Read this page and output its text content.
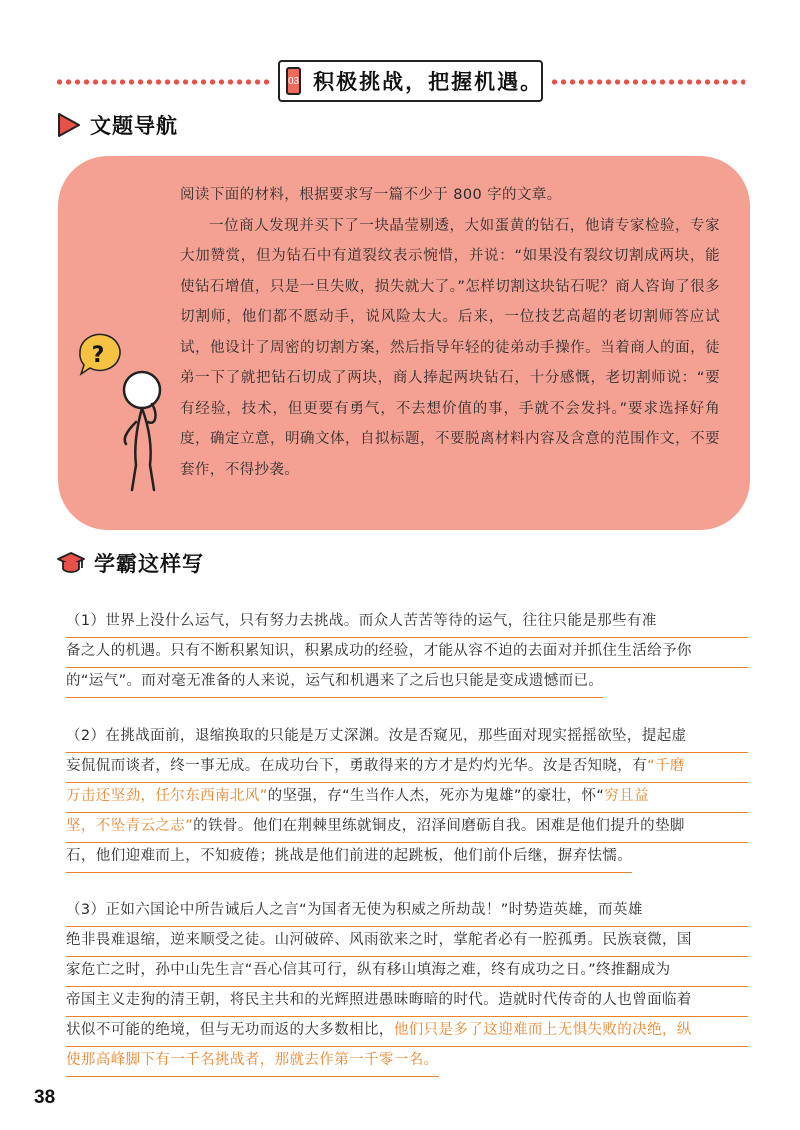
03 积极挑战，把握机遇。
文题导航
?

阅读下面的材料，根据要求写一篇不少于 800 字的文章。

一位商人发现并买下了一块晶莹剔透，大如蛋黄的钻石，他请专家检验，专家大加赞赏，但为钻石中有道裂纹表示惋惜，并说：“如果没有裂纹切割成两块，能使钻石增值，只是一旦失败，损失就大了。”怎样切割这块钻石呢？商人咨询了很多切割师，他们都不愿动手，说风险太大。后来，一位技艺高超的老切割师答应试试，他设计了周密的切割方案，然后指导年轻的徒弟动手操作。当着商人的面，徒弟一下了就把钻石切成了两块，商人捧起两块钻石，十分感慨，老切割师说：“要有经验，技术，但更要有勇气，不去想价值的事，手就不会发抖。”要求选择好角度，确定立意，明确文体，自拟标题，不要脱离材料内容及含意的范围作文，不要套作，不得抄袭。

学霸这样写
（1）世界上没什么运气，只有努力去挑战。而众人苦苦等待的运气，往往只能是那些有准
备之人的机遇。只有不断积累知识，积累成功的经验，才能从容不迫的去面对并抓住生活给予你
的“运气”。而对毫无准备的人来说，运气和机遇来了之后也只能是变成遗憾而已。
（2）在挑战面前，退缩换取的只能是万丈深渊。汝是否窥见，那些面对现实摇摇欲坠，提起虚
妄侃侃而谈者，终一事无成。在成功台下，勇敢得来的方才是灼灼光华。汝是否知晓，有“千磨
万击还坚劲，任尔东西南北风”的坚强，存“生当作人杰，死亦为鬼雄”的豪壮，怀“穷且益
坚，不坠青云之志”的铁骨。他们在荆棘里练就铜皮，沼泽间磨砺自我。困难是他们提升的垫脚
石，他们迎难而上，不知疲倦；挑战是他们前进的起跳板，他们前仆后继，摒弃怯懦。
（3）正如六国论中所告诫后人之言“为国者无使为积威之所劫哉！”时势造英雄，而英雄
绝非畏难退缩，逆来顺受之徒。山河破碎、风雨欲来之时，掌舵者必有一腔孤勇。民族衰微，国
家危亡之时，孙中山先生言“吾心信其可行，纵有移山填海之难，终有成功之日。”终推翻成为
帝国主义走狗的清王朝，将民主共和的光辉照进愚昧晦暗的时代。造就时代传奇的人也曾面临着
状似不可能的绝境，但与无功而返的大多数相比，他们只是多了这迎难而上无惧失败的决绝，纵
使那高峰脚下有一千名挑战者，那就去作第一千零一名。
38
